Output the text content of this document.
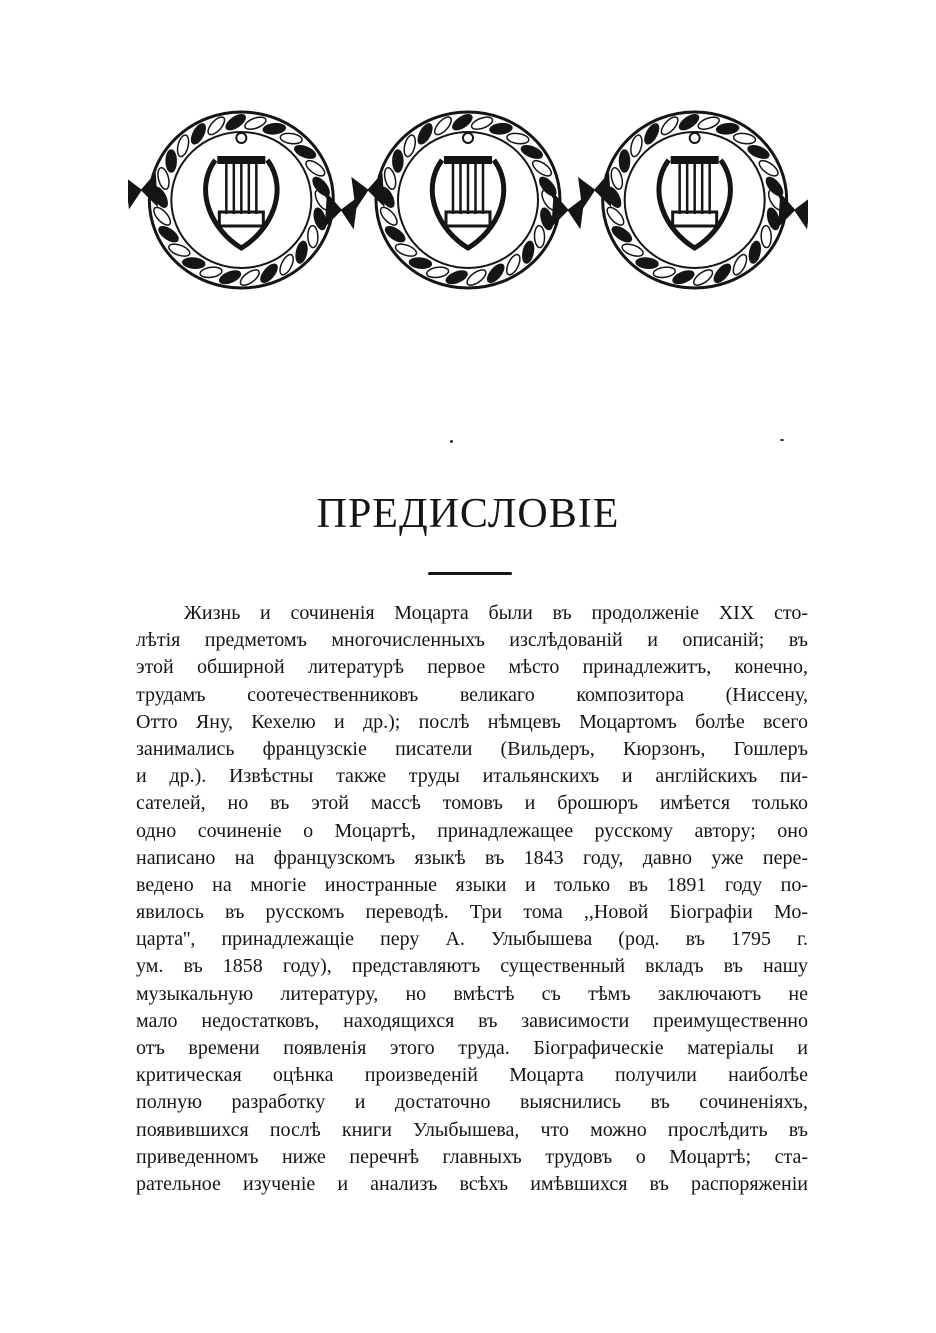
ПРЕДИСЛОВІЕ
Жизнь и сочиненія Моцарта были въ продолженіе XIX сто-
лѣтія предметомъ многочисленныхъ изслѣдованій и описаній; въ
этой обширной литературѣ первое мѣсто принадлежитъ, конечно,
трудамъ соотечественниковъ великаго композитора (Ниссену,
Отто Яну, Кехелю и др.); послѣ нѣмцевъ Моцартомъ болѣе всего
занимались французскіе писатели (Вильдеръ, Кюрзонъ, Гошлеръ
и др.). Извѣстны также труды итальянскихъ и англійскихъ пи-
сателей, но въ этой массѣ томовъ и брошюръ имѣется только
одно сочиненіе о Моцартѣ, принадлежащее русскому автору; оно
написано на французскомъ языкѣ въ 1843 году, давно уже пере-
ведено на многіе иностранные языки и только въ 1891 году по-
явилось въ русскомъ переводѣ. Три тома ,,Новой Біографіи Мо-
царта'', принадлежащіе перу А. Улыбышева (род. въ 1795 г.
ум. въ 1858 году), представляютъ существенный вкладъ въ нашу
музыкальную литературу, но вмѣстѣ съ тѣмъ заключаютъ не
мало недостатковъ, находящихся въ зависимости преимущественно
отъ времени появленія этого труда. Біографическіе матеріалы и
критическая оцѣнка произведеній Моцарта получили наиболѣе
полную разработку и достаточно выяснились въ сочиненіяхъ,
появившихся послѣ книги Улыбышева, что можно прослѣдить въ
приведенномъ ниже перечнѣ главныхъ трудовъ о Моцартѣ; ста-
рательное изученіе и анализъ всѣхъ имѣвшихся въ распоряженіи
